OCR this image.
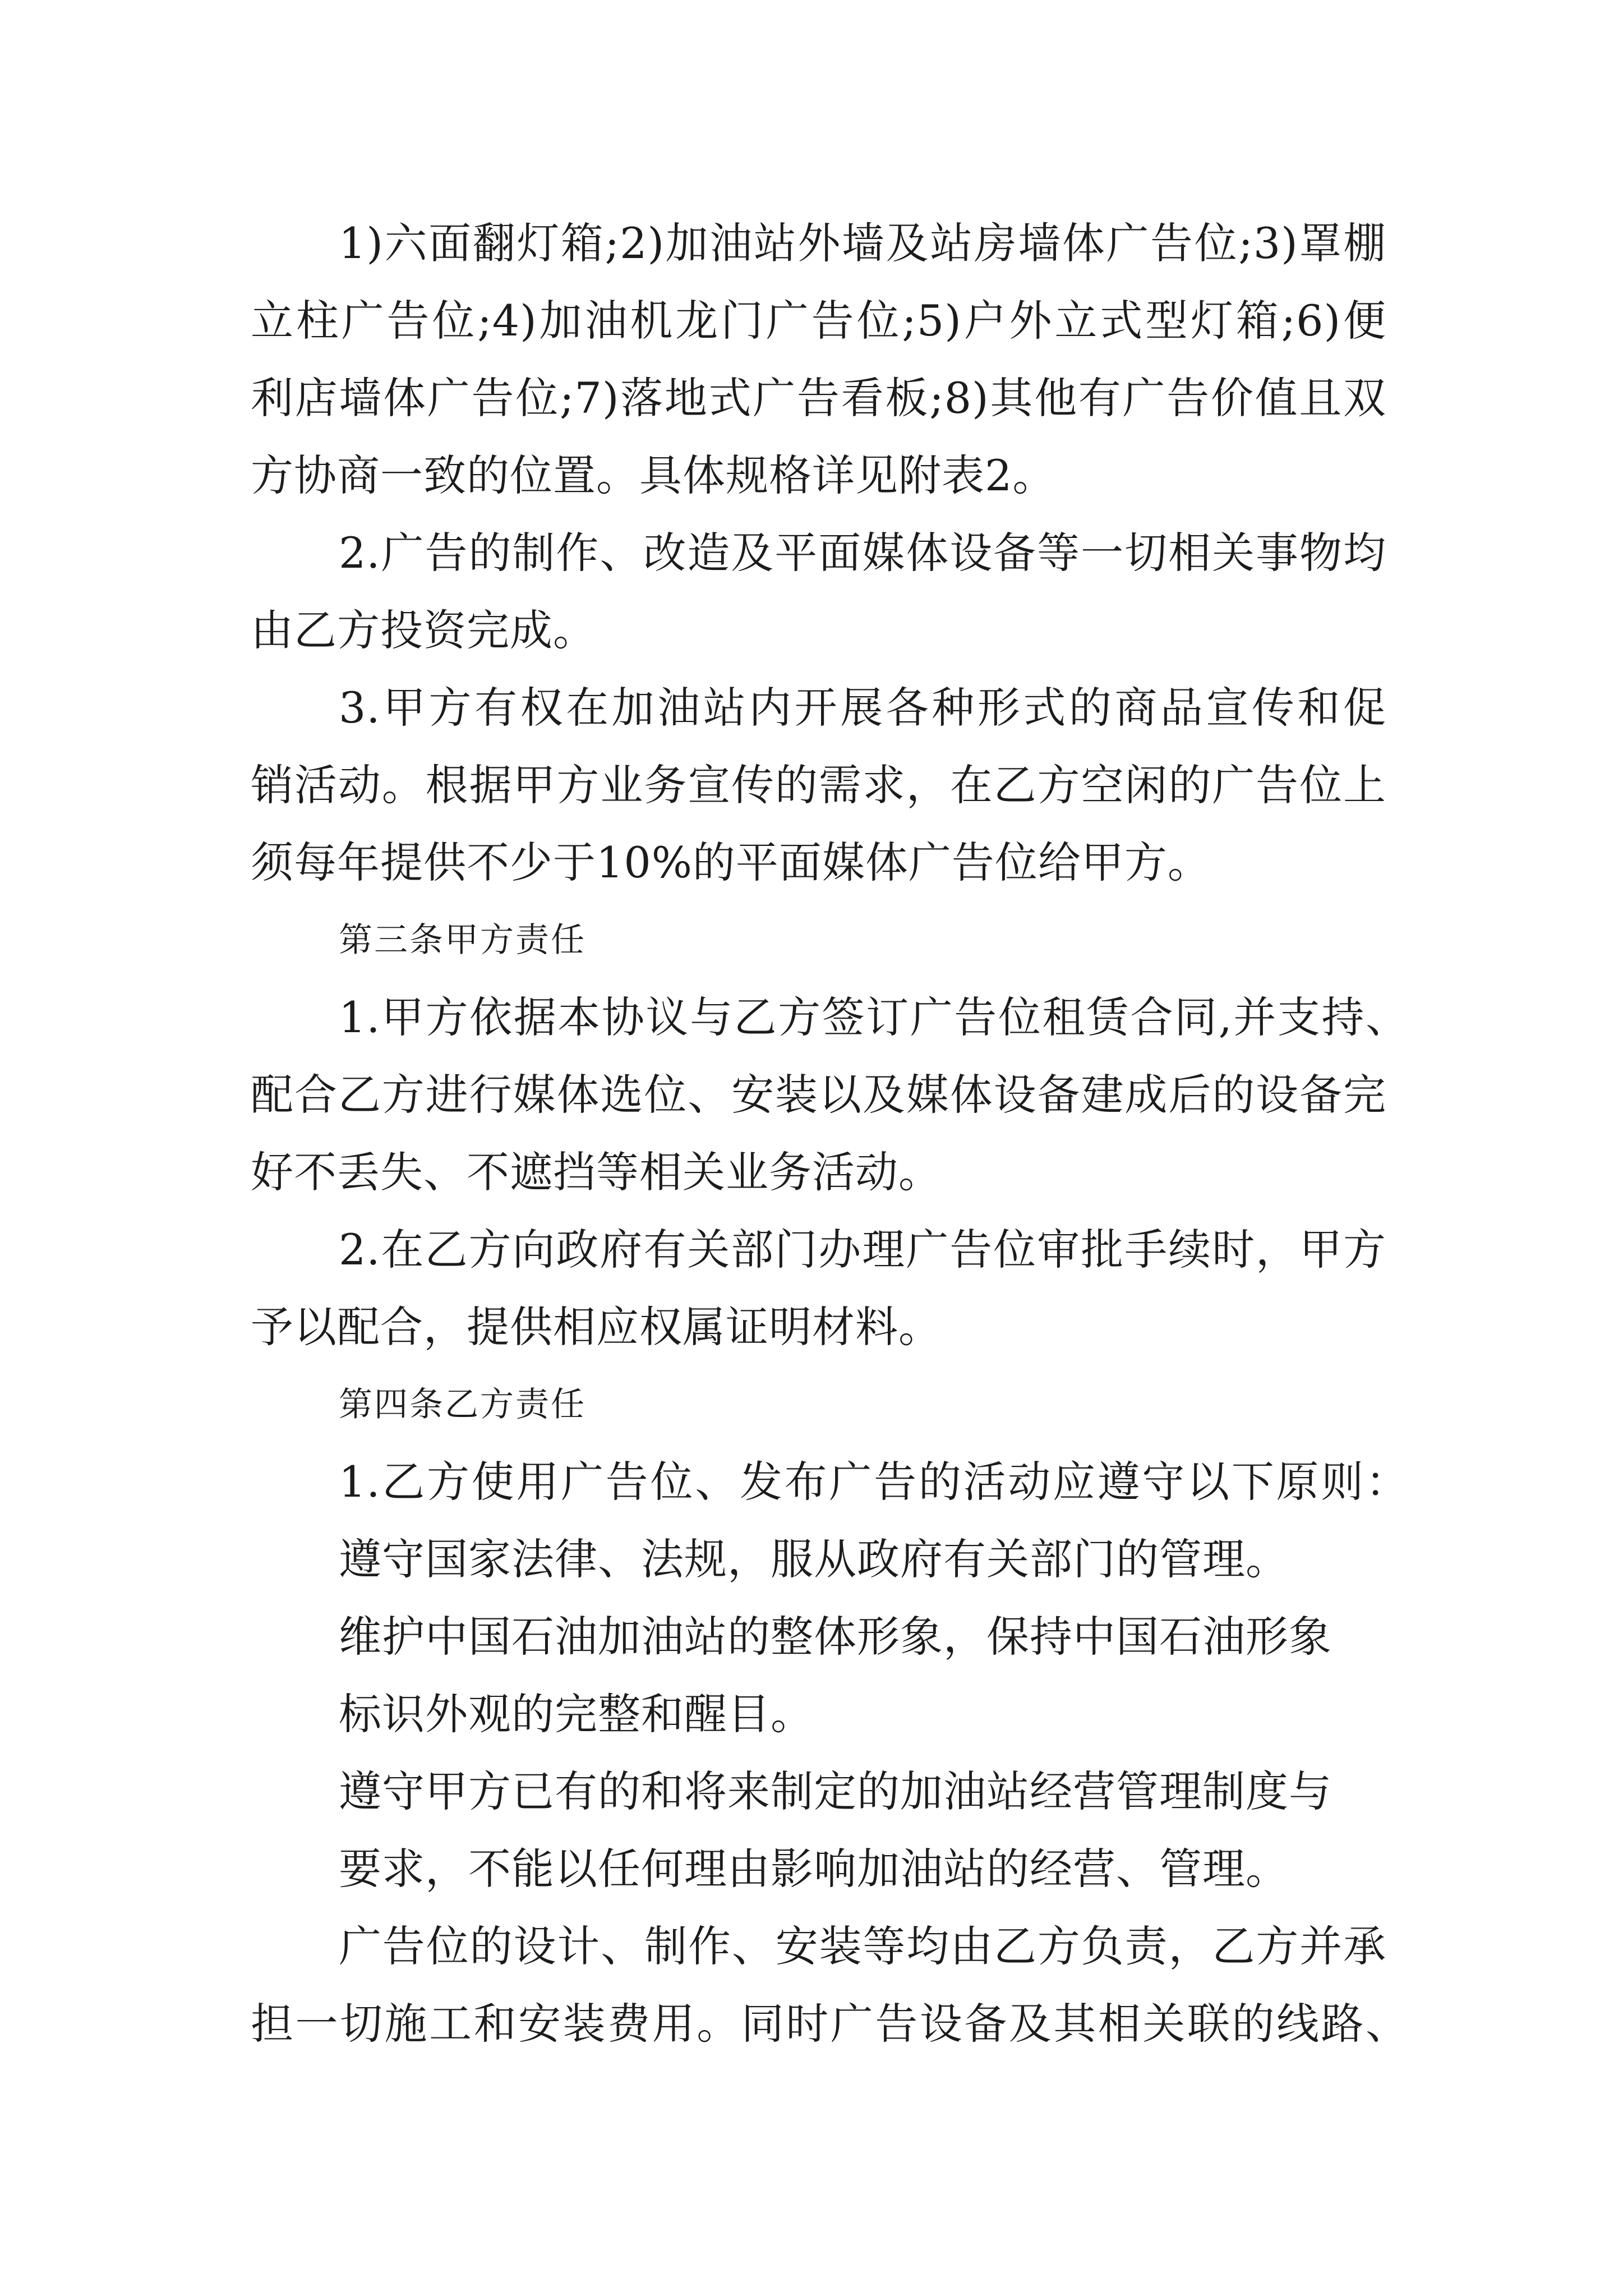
1)六面翻灯箱;2)加油站外墙及站房墙体广告位;3)罩棚
立柱广告位;4)加油机龙门广告位;5)户外立式型灯箱;6)便
利店墙体广告位;7)落地式广告看板;8)其他有广告价值且双
方协商一致的位置。具体规格详见附表2。
2.广告的制作、改造及平面媒体设备等一切相关事物均
由乙方投资完成。
3.甲方有权在加油站内开展各种形式的商品宣传和促
销活动。根据甲方业务宣传的需求，在乙方空闲的广告位上
须每年提供不少于10%的平面媒体广告位给甲方。
第三条甲方责任
1.甲方依据本协议与乙方签订广告位租赁合同,并支持、
配合乙方进行媒体选位、安装以及媒体设备建成后的设备完
好不丢失、不遮挡等相关业务活动。
2.在乙方向政府有关部门办理广告位审批手续时，甲方
予以配合，提供相应权属证明材料。
第四条乙方责任
1.乙方使用广告位、发布广告的活动应遵守以下原则：
遵守国家法律、法规，服从政府有关部门的管理。
维护中国石油加油站的整体形象，保持中国石油形象
标识外观的完整和醒目。
遵守甲方已有的和将来制定的加油站经营管理制度与
要求，不能以任何理由影响加油站的经营、管理。
广告位的设计、制作、安装等均由乙方负责，乙方并承
担一切施工和安装费用。同时广告设备及其相关联的线路、
